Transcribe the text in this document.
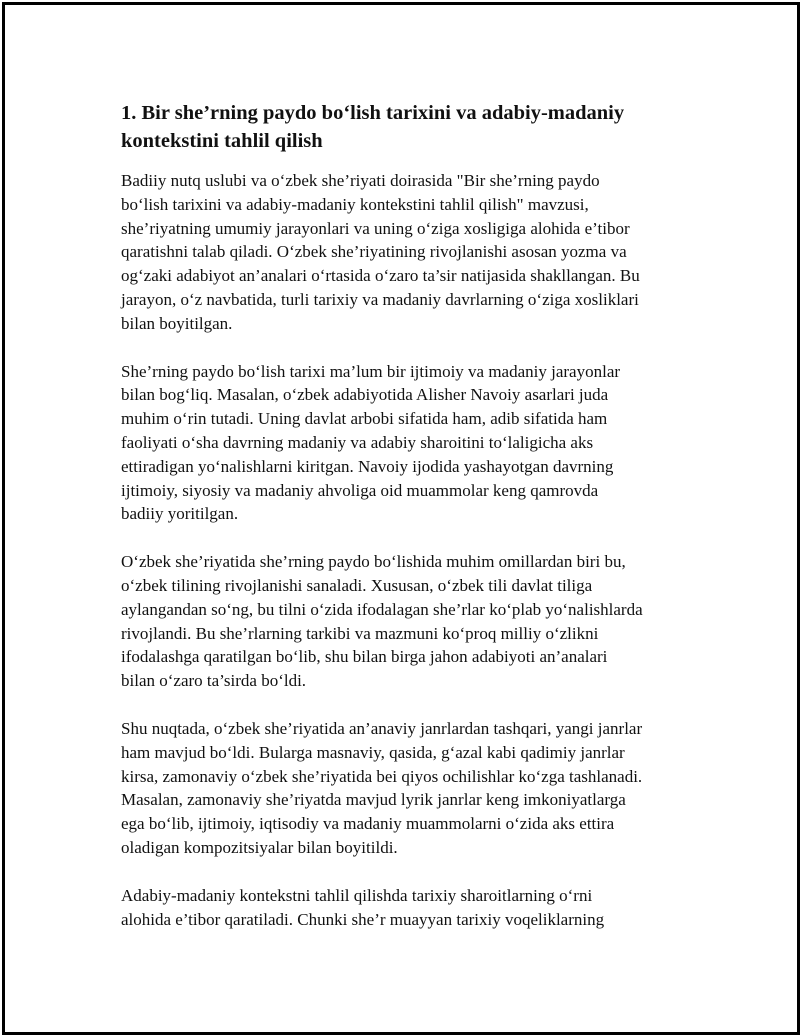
1. Bir she’rning paydo bo‘lish tarixini va adabiy-madaniy
kontekstini tahlil qilish

Badiiy nutq uslubi va o‘zbek she’riyati doirasida "Bir she’rning paydo
bo‘lish tarixini va adabiy-madaniy kontekstini tahlil qilish" mavzusi,
she’riyatning umumiy jarayonlari va uning o‘ziga xosligiga alohida e’tibor
qaratishni talab qiladi. O‘zbek she’riyatining rivojlanishi asosan yozma va
og‘zaki adabiyot an’analari o‘rtasida o‘zaro ta’sir natijasida shakllangan. Bu
jarayon, o‘z navbatida, turli tarixiy va madaniy davrlarning o‘ziga xosliklari
bilan boyitilgan.

She’rning paydo bo‘lish tarixi ma’lum bir ijtimoiy va madaniy jarayonlar
bilan bog‘liq. Masalan, o‘zbek adabiyotida Alisher Navoiy asarlari juda
muhim o‘rin tutadi. Uning davlat arbobi sifatida ham, adib sifatida ham
faoliyati o‘sha davrning madaniy va adabiy sharoitini to‘laligicha aks
ettiradigan yo‘nalishlarni kiritgan. Navoiy ijodida yashayotgan davrning
ijtimoiy, siyosiy va madaniy ahvoliga oid muammolar keng qamrovda
badiiy yoritilgan.

O‘zbek she’riyatida she’rning paydo bo‘lishida muhim omillardan biri bu,
o‘zbek tilining rivojlanishi sanaladi. Xususan, o‘zbek tili davlat tiliga
aylangandan so‘ng, bu tilni o‘zida ifodalagan she’rlar ko‘plab yo‘nalishlarda
rivojlandi. Bu she’rlarning tarkibi va mazmuni ko‘proq milliy o‘zlikni
ifodalashga qaratilgan bo‘lib, shu bilan birga jahon adabiyoti an’analari
bilan o‘zaro ta’sirda bo‘ldi.

Shu nuqtada, o‘zbek she’riyatida an’anaviy janrlardan tashqari, yangi janrlar
ham mavjud bo‘ldi. Bularga masnaviy, qasida, g‘azal kabi qadimiy janrlar
kirsa, zamonaviy o‘zbek she’riyatida bei qiyos ochilishlar ko‘zga tashlanadi.
Masalan, zamonaviy she’riyatda mavjud lyrik janrlar keng imkoniyatlarga
ega bo‘lib, ijtimoiy, iqtisodiy va madaniy muammolarni o‘zida aks ettira
oladigan kompozitsiyalar bilan boyitildi.

Adabiy-madaniy kontekstni tahlil qilishda tarixiy sharoitlarning o‘rni
alohida e’tibor qaratiladi. Chunki she’r muayyan tarixiy voqeliklarning
